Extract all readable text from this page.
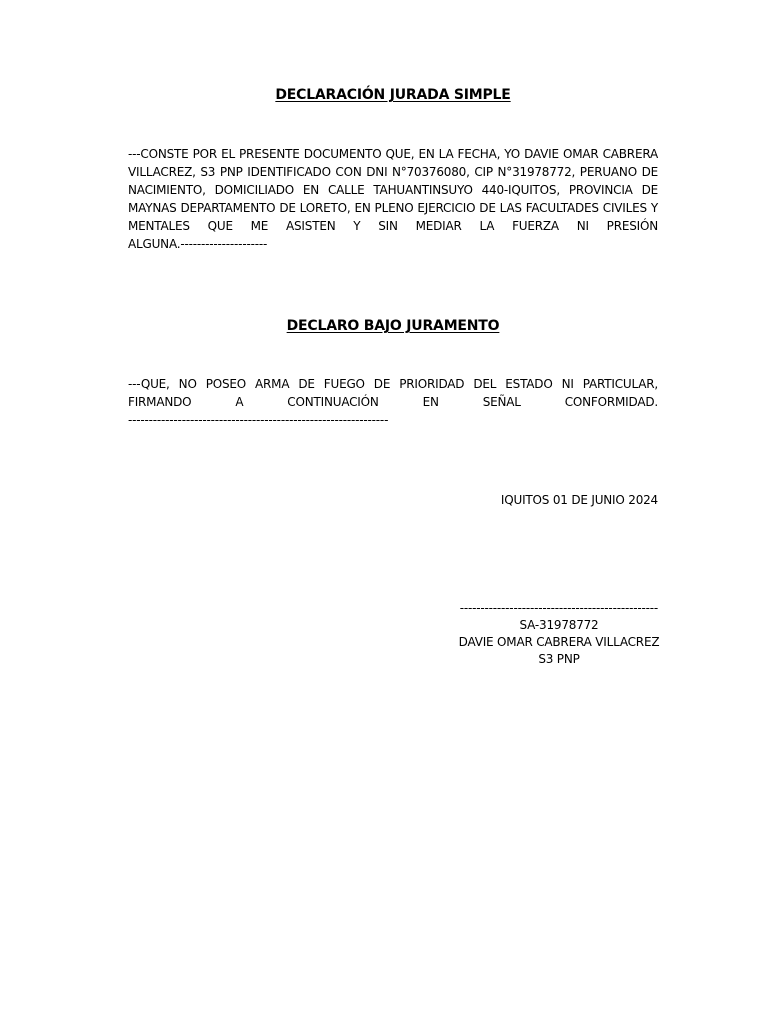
DECLARACIÓN JURADA SIMPLE
---CONSTE POR EL PRESENTE DOCUMENTO QUE, EN LA FECHA, YO DAVIE OMAR CABRERA
VILLACREZ, S3 PNP IDENTIFICADO CON DNI N°70376080, CIP N°31978772, PERUANO DE
NACIMIENTO, DOMICILIADO EN CALLE TAHUANTINSUYO 440-IQUITOS, PROVINCIA DE
MAYNAS DEPARTAMENTO DE LORETO, EN PLENO EJERCICIO DE LAS FACULTADES CIVILES Y
MENTALES QUE ME ASISTEN Y SIN MEDIAR LA FUERZA NI PRESIÓN
ALGUNA.---------------------
DECLARO BAJO JURAMENTO
---QUE, NO POSEO ARMA DE FUEGO DE PRIORIDAD DEL ESTADO NI PARTICULAR,
FIRMANDO A CONTINUACIÓN EN SEÑAL CONFORMIDAD.
---------------------------------------------------------------
IQUITOS 01 DE JUNIO 2024
------------------------------------------------
SA-31978772
DAVIE OMAR CABRERA VILLACREZ
S3 PNP
